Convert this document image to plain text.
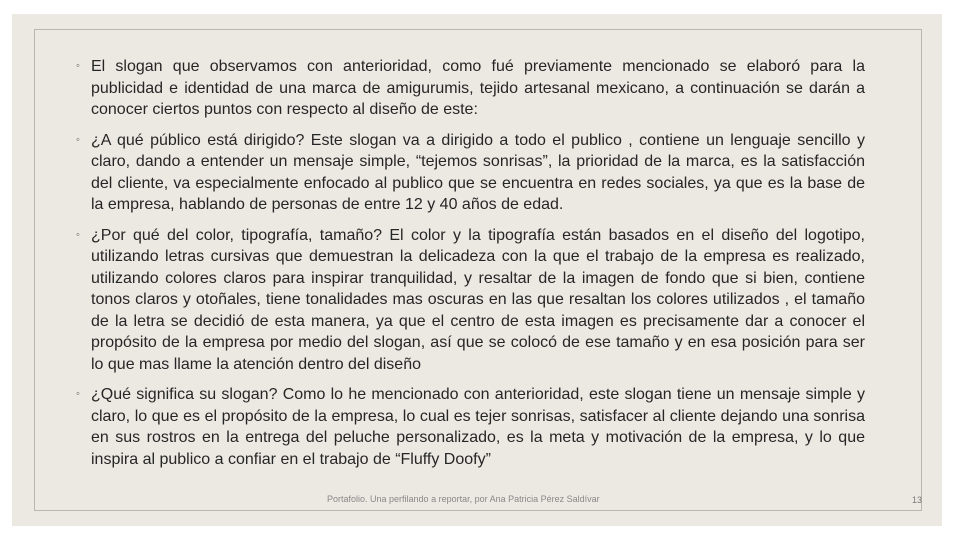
◦ El slogan que observamos con anterioridad, como fué previamente mencionado se elaboró para la publicidad e identidad de una marca de amigurumis, tejido artesanal mexicano, a continuación se darán a conocer ciertos puntos con respecto al diseño de este:
◦ ¿A qué público está dirigido? Este slogan va a dirigido a todo el publico , contiene un lenguaje sencillo y claro, dando a entender un mensaje simple, “tejemos sonrisas”, la prioridad de la marca, es la satisfacción del cliente, va especialmente enfocado al publico que se encuentra en redes sociales, ya que es la base de la empresa, hablando de personas de entre 12 y 40 años de edad.
◦ ¿Por qué del color, tipografía, tamaño? El color y la tipografía están basados en el diseño del logotipo, utilizando letras cursivas que demuestran la delicadeza con la que el trabajo de la empresa es realizado, utilizando colores claros para inspirar tranquilidad, y resaltar de la imagen de fondo que si bien, contiene tonos claros y otoñales, tiene tonalidades mas oscuras en las que resaltan los colores utilizados , el tamaño de la letra se decidió de esta manera, ya que el centro de esta imagen es precisamente dar a conocer el propósito de la empresa por medio del slogan, así que se colocó de ese tamaño y en esa posición para ser lo que mas llame la atención dentro del diseño
◦ ¿Qué significa su slogan? Como lo he mencionado con anterioridad, este slogan tiene un mensaje simple y claro, lo que es el propósito de la empresa, lo cual es tejer sonrisas, satisfacer al cliente dejando una sonrisa en sus rostros en la entrega del peluche personalizado, es la meta y motivación de la empresa, y lo que inspira al publico a confiar en el trabajo de “Fluffy Doofy”
Portafolio. Una perfilando a reportar, por Ana Patricia Pérez Saldívar	13
